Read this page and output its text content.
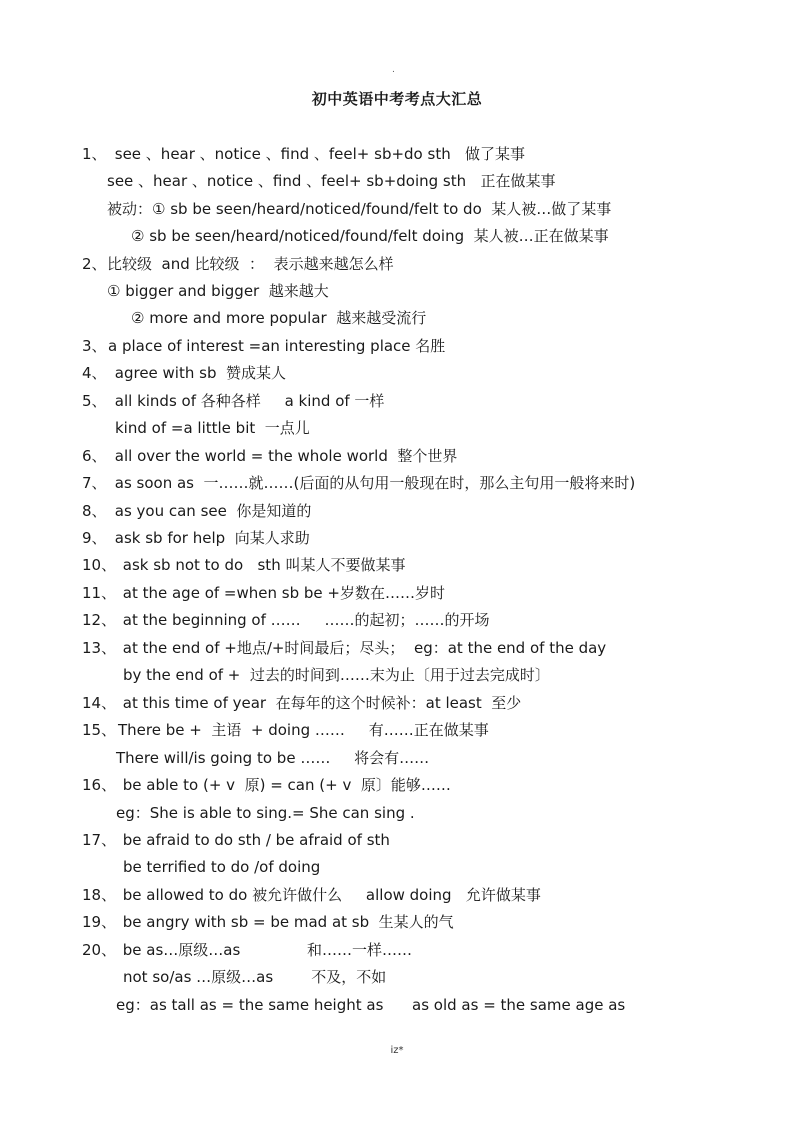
.
初中英语中考考点大汇总

1、

see 、hear 、notice 、find 、feel+ sb+do sth   做了某事

see 、hear 、notice 、find 、feel+ sb+doing sth   正在做某事

被动：① sb be seen/heard/noticed/found/felt to do  某人被…做了某事

② sb be seen/heard/noticed/found/felt doing  某人被…正在做某事

2、

比较级  and 比较级  ：  表示越来越怎么样

① bigger and bigger  越来越大

② more and more popular  越来越受流行

3、

a place of interest =an interesting place 名胜

4、

agree with sb  赞成某人

5、

all kinds of 各种各样     a kind of 一样

kind of =a little bit  一点儿

6、

all over the world = the whole world  整个世界

7、

as soon as  一……就……(后面的从句用一般现在时，那么主句用一般将来时)

8、

as you can see  你是知道的

9、

ask sb for help  向某人求助

10、

ask sb not to do   sth 叫某人不要做某事

11、

at the age of =when sb be +岁数在……岁时

12、

at the beginning of ……     ……的起初；……的开场

13、

at the end of +地点/+时间最后；尽头；  eg：at the end of the day

by the end of +  过去的时间到……末为止〔用于过去完成时〕

14、

at this time of year  在每年的这个时候补：at least  至少

15、

There be +  主语  + doing ……     有……正在做某事

There will/is going to be ……     将会有……

16、

be able to (+ v  原) = can (+ v  原〕能够……

eg：She is able to sing.= She can sing .

17、

be afraid to do sth / be afraid of sth

be terrified to do /of doing

18、

be allowed to do 被允许做什么     allow doing   允许做某事

19、

be angry with sb = be mad at sb  生某人的气

20、

be as…原级…as              和……一样……

not so/as …原级…as        不及，不如

eg：as tall as = the same height as      as old as = the same age as

iz*
